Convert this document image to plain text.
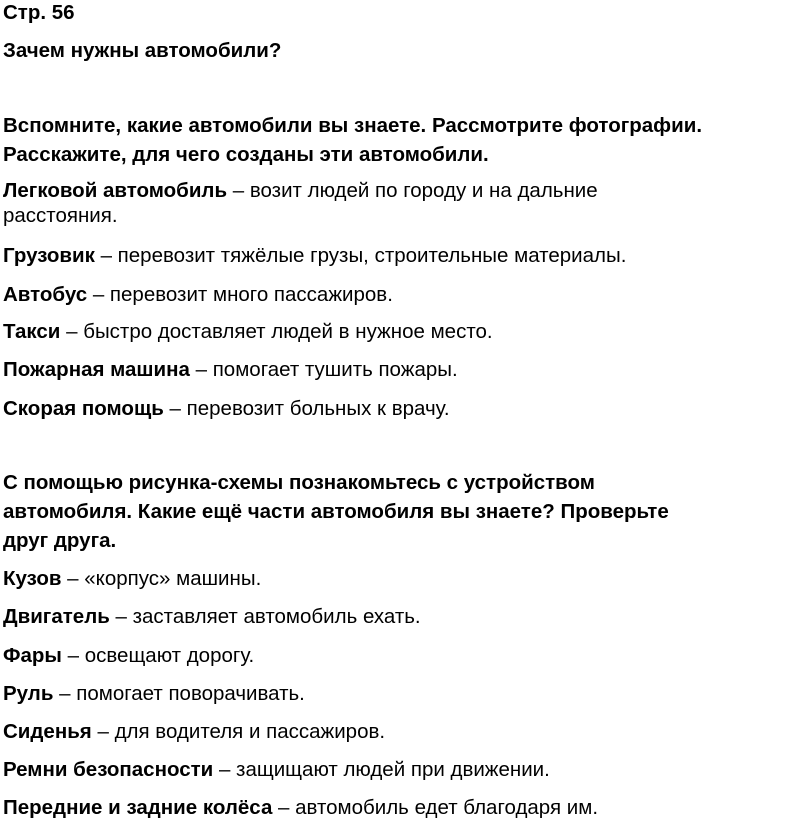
Стр. 56
Зачем нужны автомобили?
Вспомните, какие автомобили вы знаете. Рассмотрите фотографии.
Расскажите, для чего созданы эти автомобили.
Легковой автомобиль – возит людей по городу и на дальние
расстояния.
Грузовик – перевозит тяжёлые грузы, строительные материалы.
Автобус – перевозит много пассажиров.
Такси – быстро доставляет людей в нужное место.
Пожарная машина – помогает тушить пожары.
Скорая помощь – перевозит больных к врачу.
С помощью рисунка-схемы познакомьтесь с устройством
автомобиля. Какие ещё части автомобиля вы знаете? Проверьте
друг друга.
Кузов – «корпус» машины.
Двигатель – заставляет автомобиль ехать.
Фары – освещают дорогу.
Руль – помогает поворачивать.
Сиденья – для водителя и пассажиров.
Ремни безопасности – защищают людей при движении.
Передние и задние колёса – автомобиль едет благодаря им.
